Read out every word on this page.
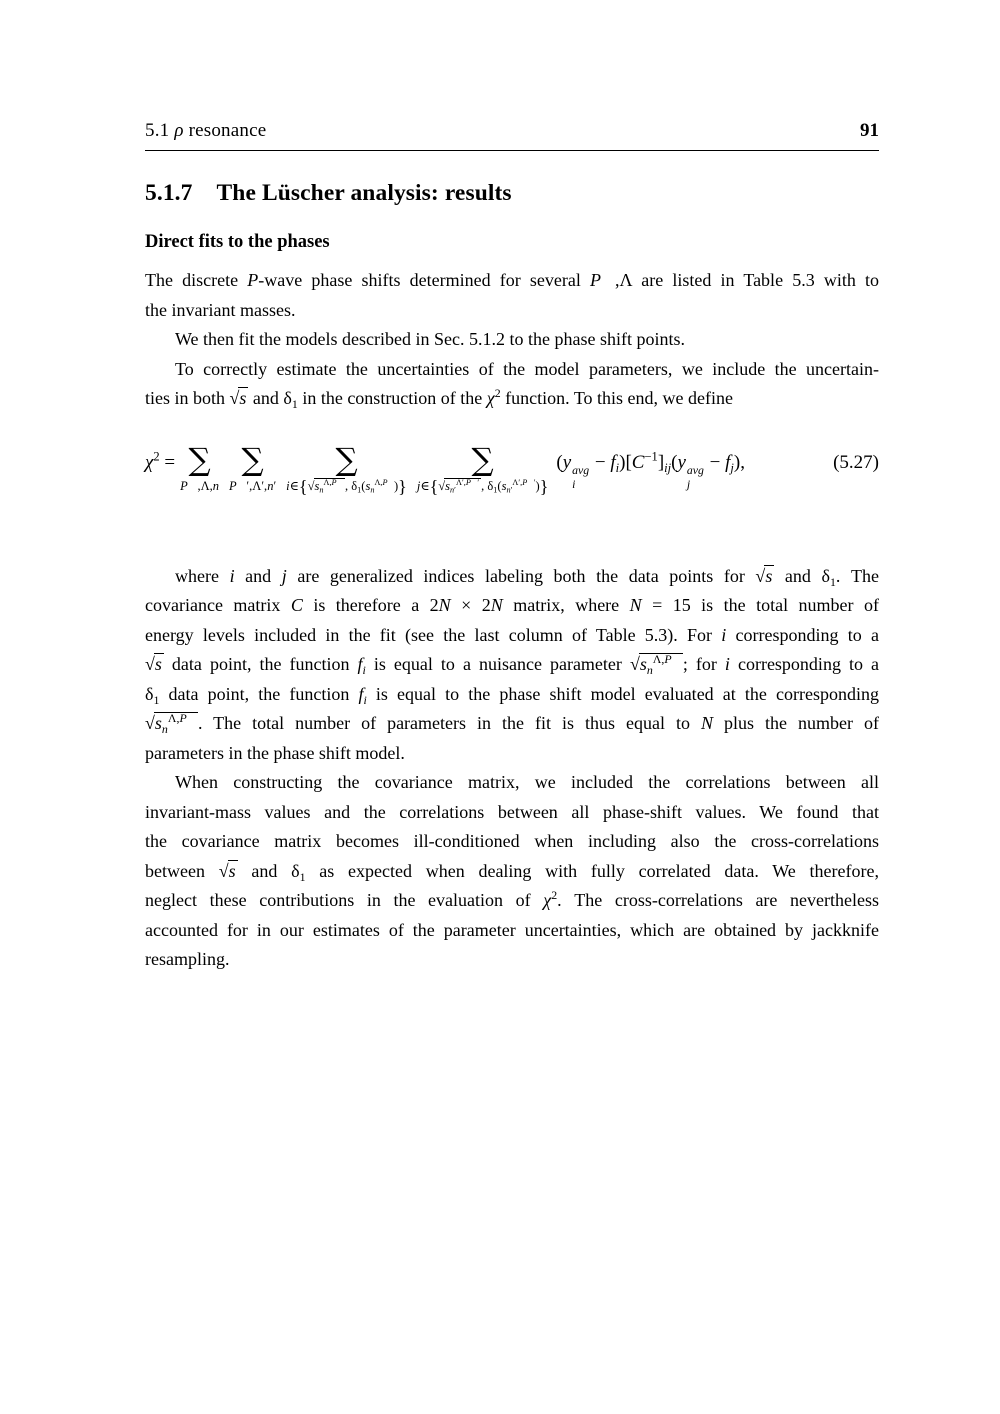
5.1 ρ resonance	91
5.1.7 The Lüscher analysis: results
Direct fits to the phases
The discrete P-wave phase shifts determined for several P⃗,Λ are listed in Table 5.3 with to
the invariant masses.
We then fit the models described in Sec. 5.1.2 to the phase shift points.
To correctly estimate the uncertainties of the model parameters, we include the uncertain-
ties in both √s and $\delta_1$ in the construction of the $\chi^2$ function. To this end, we define
$\chi^2$ = ∑
P⃗,Λ,n
∑
P⃗′,Λ′,n′
∑
$i\in\{√s_n^{\Lambda,P⃗}$ , $\delta_1(s_n^{\Lambda,P⃗})$}
∑
$j\in\{√s_{n'}^{\Lambda',P⃗'}$ , $\delta_1(s_{n'}^{\Lambda',P⃗'})$}
(y avg
i
− $f_i)[C^{-1}]_{ij}(y$ avg
j
− $f_j$),	(5.27)
where i and j are generalized indices labeling both the data points for √s and $\delta_1$. The
covariance matrix C is therefore a 2N × 2N matrix, where N = 15 is the total number of
energy levels included in the fit (see the last column of Table 5.3). For i corresponding to a
√s data point, the function $f_i$ is equal to a nuisance parameter $√s_n^{\Lambda,P⃗}$ ; for i corresponding to a
$\delta_1$ data point, the function $f_i$ is equal to the phase shift model evaluated at the corresponding
$√s_n^{\Lambda,P⃗}$ . The total number of parameters in the fit is thus equal to N plus the number of
parameters in the phase shift model.
When constructing the covariance matrix, we included the correlations between all
invariant-mass values and the correlations between all phase-shift values. We found that
the covariance matrix becomes ill-conditioned when including also the cross-correlations
between √s and $\delta_1$ as expected when dealing with fully correlated data. We therefore,
neglect these contributions in the evaluation of $\chi^2$. The cross-correlations are nevertheless
accounted for in our estimates of the parameter uncertainties, which are obtained by jackknife
resampling.
